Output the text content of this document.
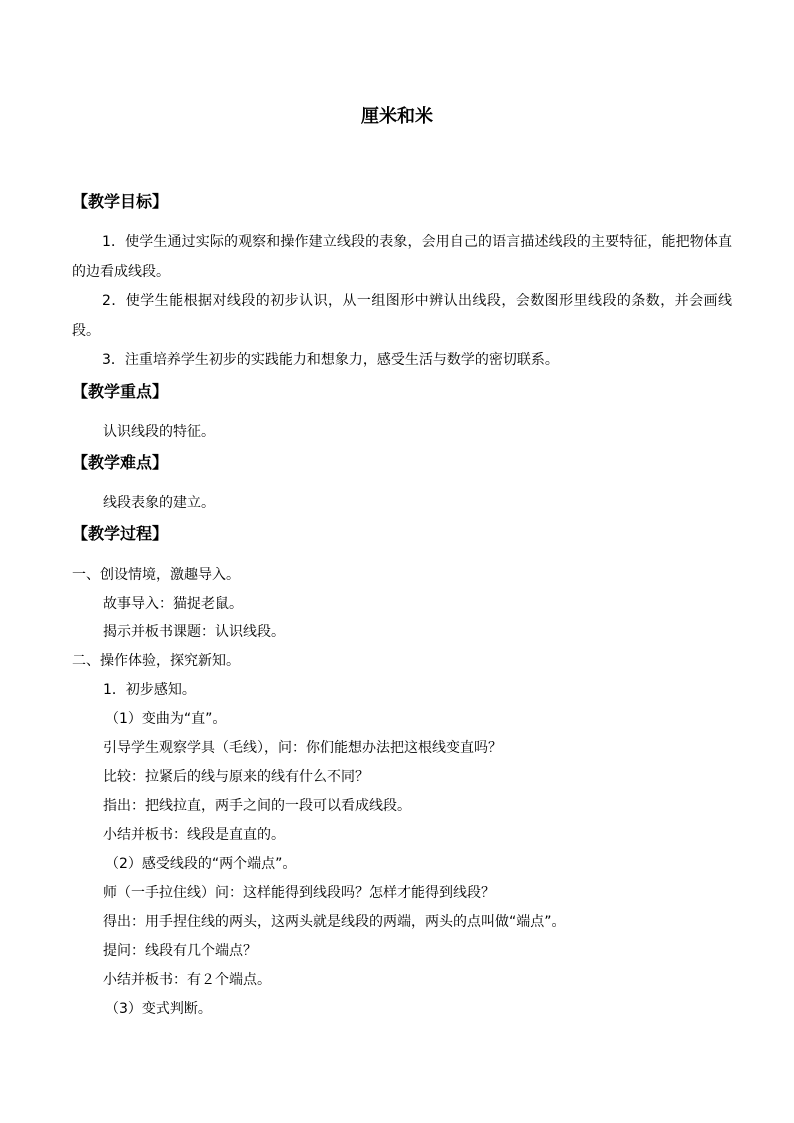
厘米和米
【教学目标】
1．使学生通过实际的观察和操作建立线段的表象，会用自己的语言描述线段的主要特征，能把物体直的边看成线段。
2．使学生能根据对线段的初步认识，从一组图形中辨认出线段，会数图形里线段的条数，并会画线段。
3．注重培养学生初步的实践能力和想象力，感受生活与数学的密切联系。
【教学重点】
认识线段的特征。
【教学难点】
线段表象的建立。
【教学过程】
一、创设情境，激趣导入。
故事导入：猫捉老鼠。
揭示并板书课题：认识线段。
二、操作体验，探究新知。
1．初步感知。
（1）变曲为“直”。
引导学生观察学具（毛线），问：你们能想办法把这根线变直吗？
比较：拉紧后的线与原来的线有什么不同？
指出：把线拉直，两手之间的一段可以看成线段。
小结并板书：线段是直直的。
（2）感受线段的“两个端点”。
师（一手拉住线）问：这样能得到线段吗？怎样才能得到线段？
得出：用手捏住线的两头，这两头就是线段的两端，两头的点叫做“端点”。
提问：线段有几个端点？
小结并板书：有２个端点。
（3）变式判断。
